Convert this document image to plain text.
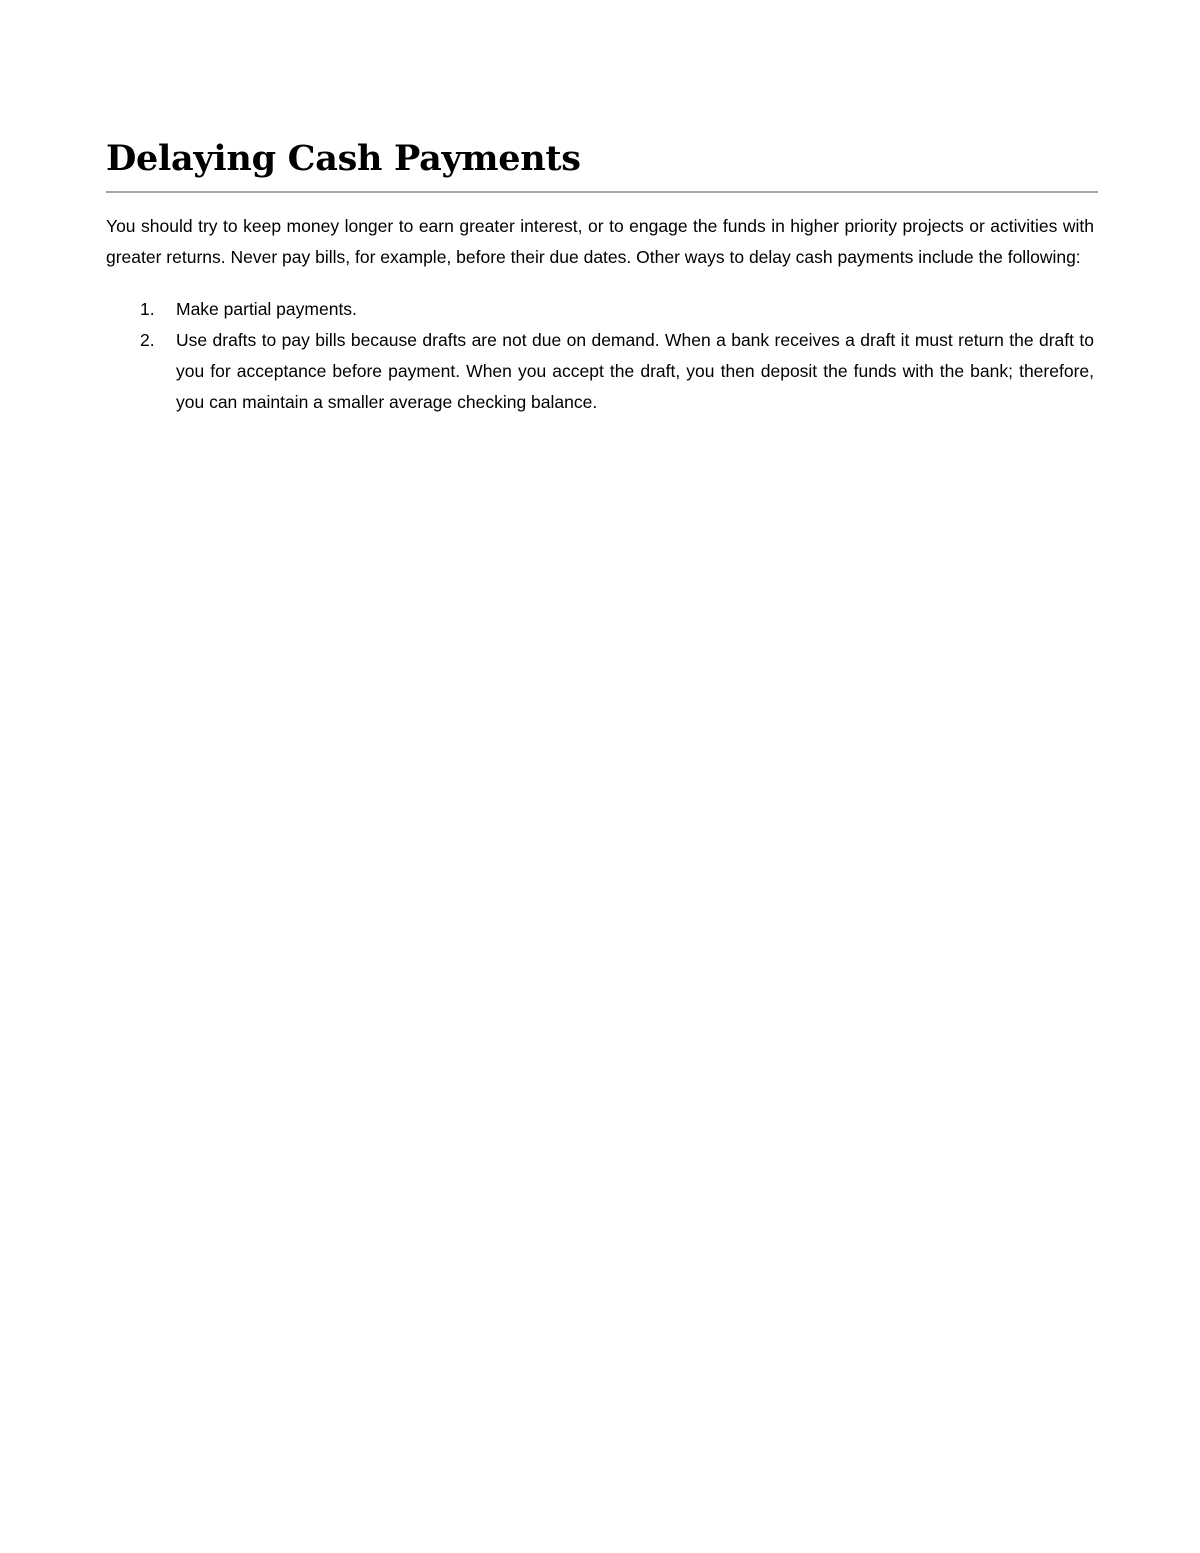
Delaying Cash Payments

You should try to keep money longer to earn greater interest, or to engage the funds in higher priority projects or activities with greater returns. Never pay bills, for example, before their due dates. Other ways to delay cash payments include the following:

1.	Make partial payments.
2.	Use drafts to pay bills because drafts are not due on demand. When a bank receives a draft it must return the draft to you for acceptance before payment. When you accept the draft, you then deposit the funds with the bank; therefore, you can maintain a smaller average checking balance.
